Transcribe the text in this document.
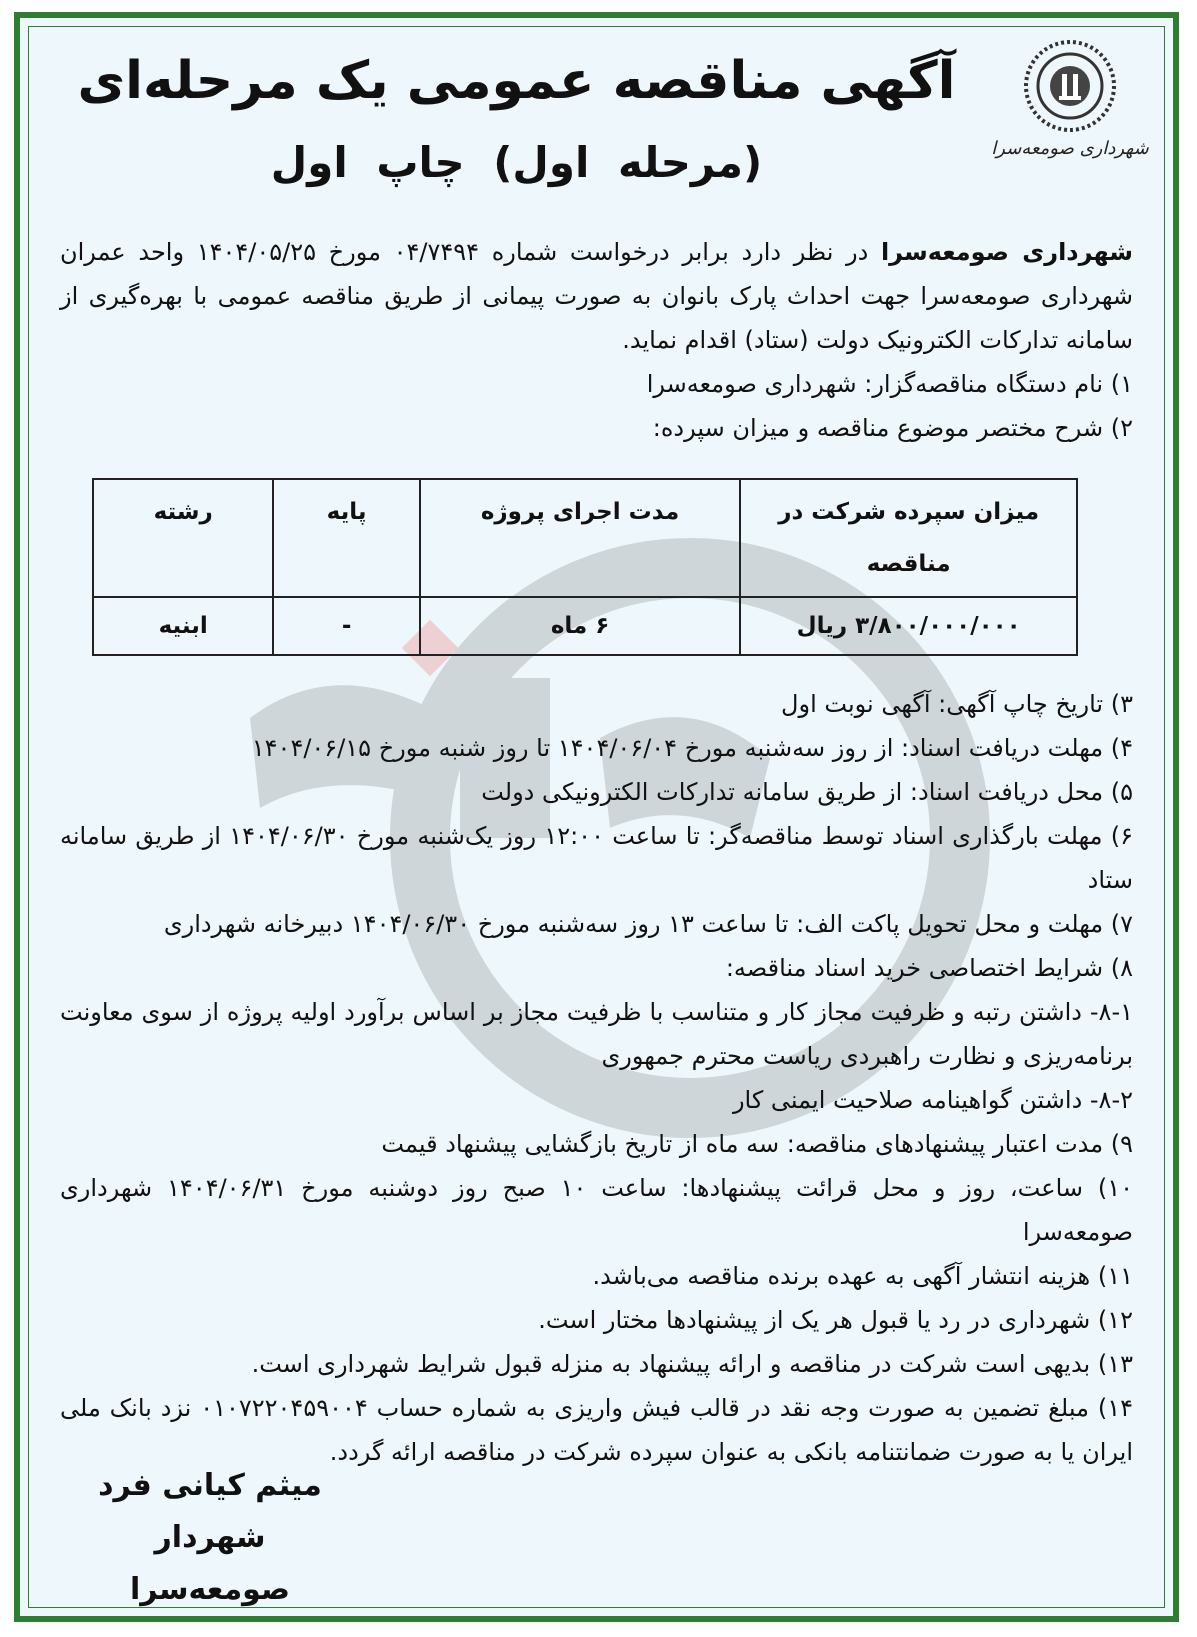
شهرداری صومعه‌سرا
آگهی مناقصه عمومی یک مرحله‌ای
(مرحله اول) چاپ اول

شهرداری صومعه‌سرا در نظر دارد برابر درخواست شماره ۰۴/۷۴۹۴ مورخ ۱۴۰۴/۰۵/۲۵ واحد عمران شهرداری صومعه‌سرا جهت احداث پارک بانوان به صورت پیمانی از طریق مناقصه عمومی با بهره‌گیری از سامانه تدارکات الکترونیک دولت (ستاد) اقدام نماید.

۱) نام دستگاه مناقصه‌گزار: شهرداری صومعه‌سرا

۲) شرح مختصر موضوع مناقصه و میزان سپرده:

میزان سپرده شرکت در مناقصه	مدت اجرای پروژه	پایه	رشته
۳/۸۰۰/۰۰۰/۰۰۰ ریال	۶ ماه	-	ابنیه

۳) تاریخ چاپ آگهی: آگهی نوبت اول

۴) مهلت دریافت اسناد: از روز سه‌شنبه مورخ ۱۴۰۴/۰۶/۰۴ تا روز شنبه مورخ ۱۴۰۴/۰۶/۱۵

۵) محل دریافت اسناد: از طریق سامانه تدارکات الکترونیکی دولت

۶) مهلت بارگذاری اسناد توسط مناقصه‌گر: تا ساعت ۱۲:۰۰ روز یک‌شنبه مورخ ۱۴۰۴/۰۶/۳۰ از طریق سامانه ستاد

۷) مهلت و محل تحویل پاکت الف: تا ساعت ۱۳ روز سه‌شنبه مورخ ۱۴۰۴/۰۶/۳۰ دبیرخانه شهرداری

۸) شرایط اختصاصی خرید اسناد مناقصه:

۸-۱- داشتن رتبه و ظرفیت مجاز کار و متناسب با ظرفیت مجاز بر اساس برآورد اولیه پروژه از سوی معاونت برنامه‌ریزی و نظارت راهبردی ریاست محترم جمهوری

۸-۲- داشتن گواهینامه صلاحیت ایمنی کار

۹) مدت اعتبار پیشنهادهای مناقصه: سه ماه از تاریخ بازگشایی پیشنهاد قیمت

۱۰) ساعت، روز و محل قرائت پیشنهادها: ساعت ۱۰ صبح روز دوشنبه مورخ ۱۴۰۴/۰۶/۳۱ شهرداری صومعه‌سرا

۱۱) هزینه انتشار آگهی به عهده برنده مناقصه می‌باشد.

۱۲) شهرداری در رد یا قبول هر یک از پیشنهادها مختار است.

۱۳) بدیهی است شرکت در مناقصه و ارائه پیشنهاد به منزله قبول شرایط شهرداری است.

۱۴) مبلغ تضمین به صورت وجه نقد در قالب فیش واریزی به شماره حساب ۰۱۰۷۲۲۰۴۵۹۰۰۴ نزد بانک ملی ایران یا به صورت ضمانتنامه بانکی به عنوان سپرده شرکت در مناقصه ارائه گردد.

میثم کیانی فرد
شهردار صومعه‌سرا
